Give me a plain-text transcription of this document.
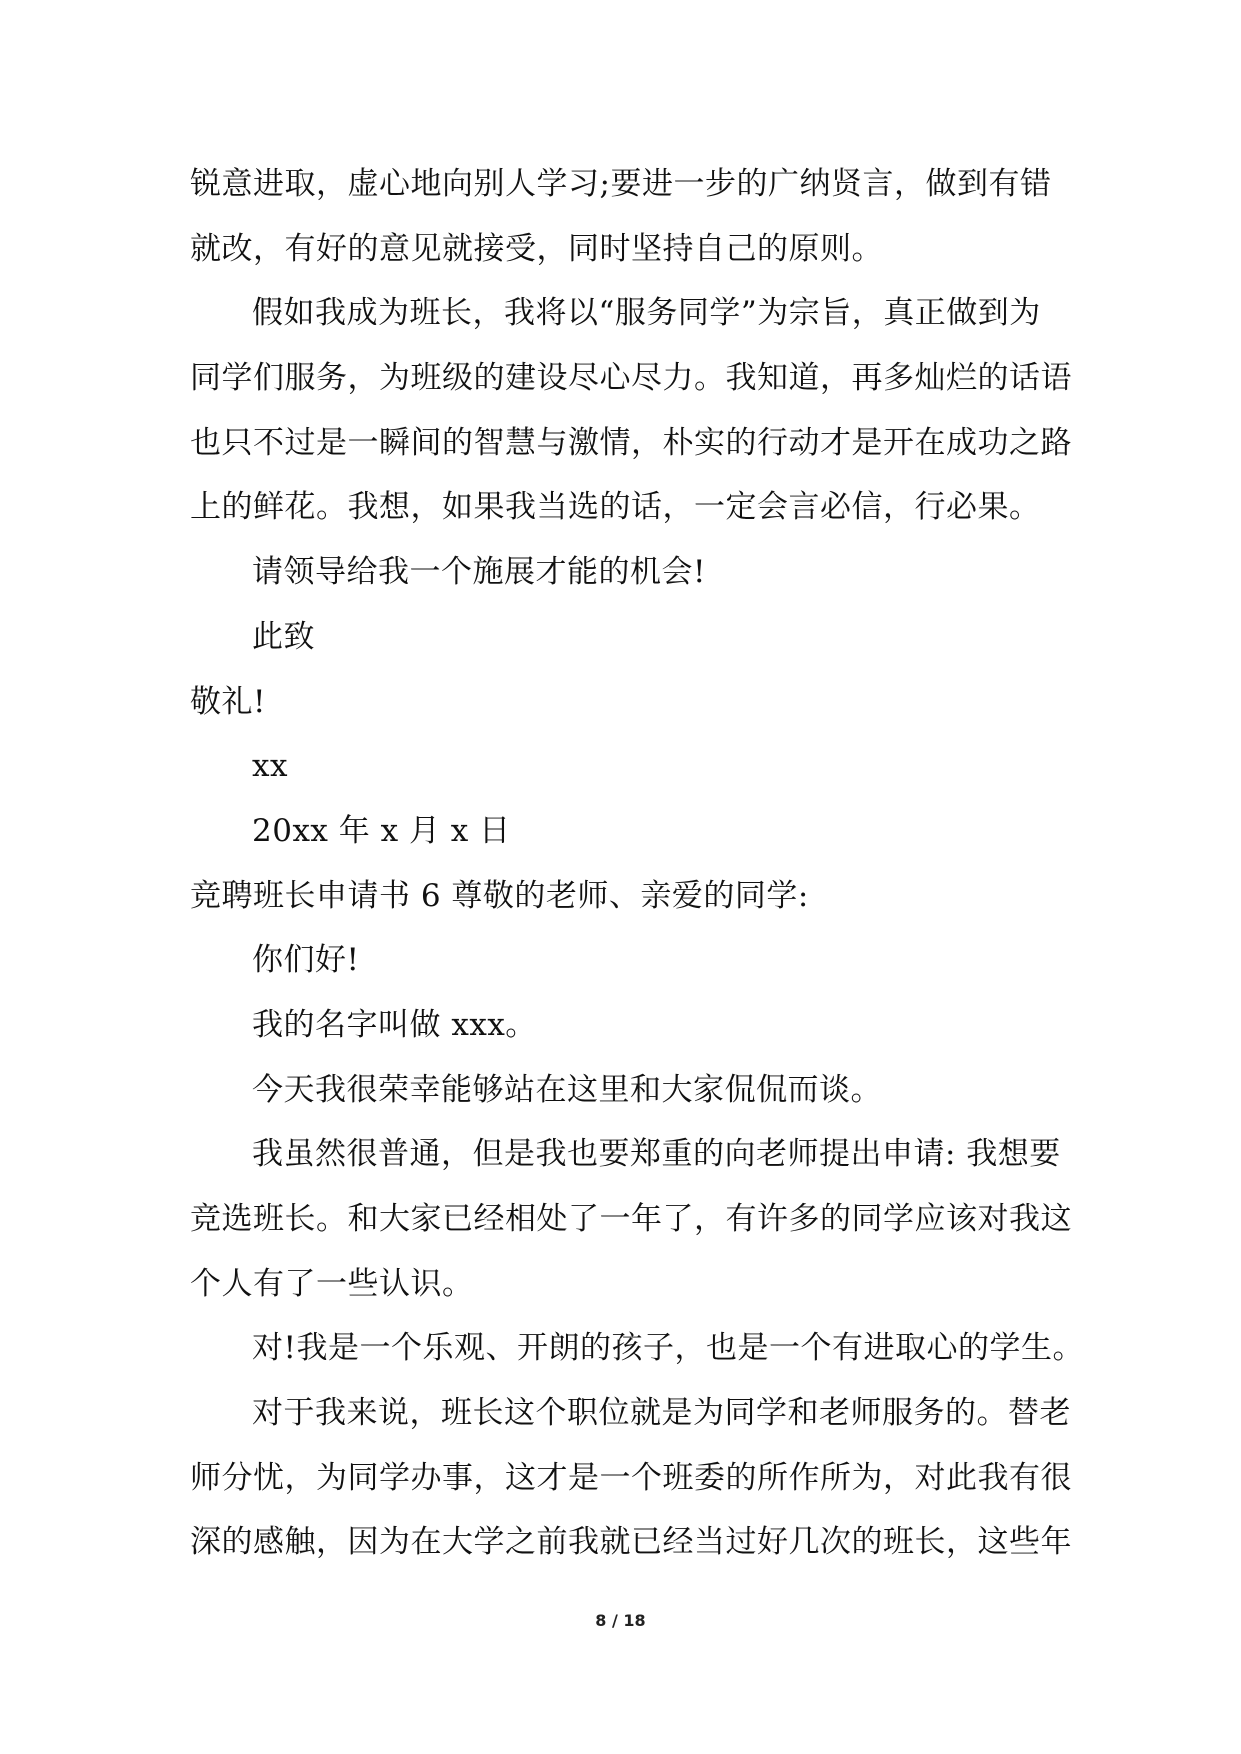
锐意进取，虚心地向别人学习;要进一步的广纳贤言，做到有错
就改，有好的意见就接受，同时坚持自己的原则。
假如我成为班长，我将以“服务同学”为宗旨，真正做到为
同学们服务，为班级的建设尽心尽力。我知道，再多灿烂的话语
也只不过是一瞬间的智慧与激情，朴实的行动才是开在成功之路
上的鲜花。我想，如果我当选的话，一定会言必信，行必果。
请领导给我一个施展才能的机会!
此致
敬礼!
xx
20xx 年 x 月 x 日
竞聘班长申请书 6 尊敬的老师、亲爱的同学:
你们好!
我的名字叫做 xxx。
今天我很荣幸能够站在这里和大家侃侃而谈。
我虽然很普通，但是我也要郑重的向老师提出申请: 我想要
竞选班长。和大家已经相处了一年了，有许多的同学应该对我这
个人有了一些认识。
对!我是一个乐观、开朗的孩子，也是一个有进取心的学生。
对于我来说，班长这个职位就是为同学和老师服务的。替老
师分忧，为同学办事，这才是一个班委的所作所为，对此我有很
深的感触，因为在大学之前我就已经当过好几次的班长，这些年
8 / 18
